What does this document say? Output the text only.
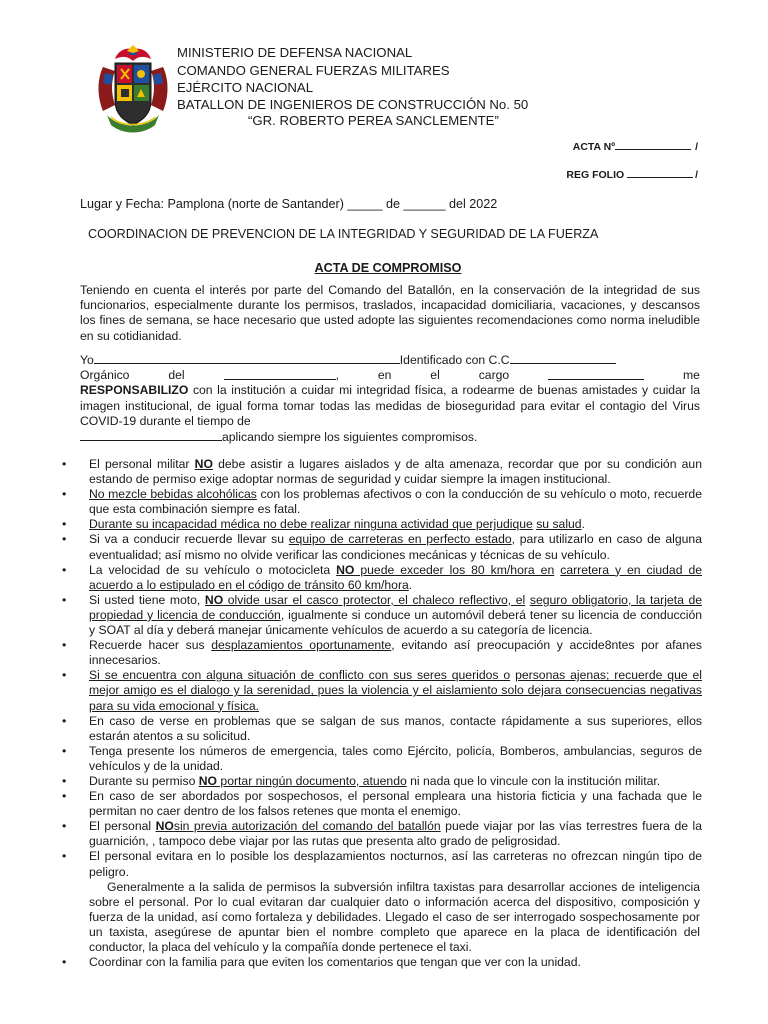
MINISTERIO DE DEFENSA NACIONAL
COMANDO GENERAL FUERZAS MILITARES
EJÉRCITO NACIONAL
BATALLON DE INGENIEROS DE CONSTRUCCIÓN No. 50
“GR. ROBERTO PEREA SANCLEMENTE”
ACTA Nº	/
REG FOLIO	/
Lugar y Fecha: Pamplona (norte de Santander) _____ de ______ del 2022
COORDINACION DE PREVENCION DE LA INTEGRIDAD Y SEGURIDAD DE LA FUERZA
ACTA DE COMPROMISO
Teniendo en cuenta el interés por parte del Comando del Batallón, en la conservación de la integridad de sus funcionarios, especialmente durante los permisos, traslados, incapacidad domiciliaria, vacaciones, y descansos los fines de semana, se hace necesario que usted adopte las siguientes recomendaciones como norma ineludible en su cotidianidad.
Yo	Identificado con C.C
Orgánico	del	,	en	el	cargo	me
RESPONSABILIZO con la institución a cuidar mi integridad física, a rodearme de buenas amistades y cuidar la imagen institucional, de igual forma tomar todas las medidas de bioseguridad para evitar el contagio del Virus COVID-19 durante el tiempo de
aplicando siempre los siguientes compromisos.
• El personal militar NO debe asistir a lugares aislados y de alta amenaza, recordar que por su condición aun estando de permiso exige adoptar normas de seguridad y cuidar siempre la imagen institucional.
• No mezcle bebidas alcohólicas con los problemas afectivos o con la conducción de su vehículo o moto, recuerde que esta combinación siempre es fatal.
• Durante su incapacidad médica no debe realizar ninguna actividad que perjudique su salud.
• Si va a conducir recuerde llevar su equipo de carreteras en perfecto estado, para utilizarlo en caso de alguna eventualidad; así mismo no olvide verificar las condiciones mecánicas y técnicas de su vehículo.
• La velocidad de su vehículo o motocicleta NO puede exceder los 80 km/hora en carretera y en ciudad de acuerdo a lo estipulado en el código de tránsito 60 km/hora.
• Si usted tiene moto, NO olvide usar el casco protector, el chaleco reflectivo, el seguro obligatorio, la tarjeta de propiedad y licencia de conducción, igualmente si conduce un automóvil deberá tener su licencia de conducción y SOAT al día y deberá manejar únicamente vehículos de acuerdo a su categoría de licencia.
• Recuerde hacer sus desplazamientos oportunamente, evitando así preocupación y accide8ntes por afanes innecesarios.
• Si se encuentra con alguna situación de conflicto con sus seres queridos o personas ajenas; recuerde que el mejor amigo es el dialogo y la serenidad, pues la violencia y el aislamiento solo dejara consecuencias negativas para su vida emocional y física.
• En caso de verse en problemas que se salgan de sus manos, contacte rápidamente a sus superiores, ellos estarán atentos a su solicitud.
• Tenga presente los números de emergencia, tales como Ejército, policía, Bomberos, ambulancias, seguros de vehículos y de la unidad.
• Durante su permiso NO portar ningún documento, atuendo ni nada que lo vincule con la institución militar.
• En caso de ser abordados por sospechosos, el personal empleara una historia ficticia y una fachada que le permitan no caer dentro de los falsos retenes que monta el enemigo.
• El personal NOsin previa autorización del comando del batallón puede viajar por las vías terrestres fuera de la guarnición, , tampoco debe viajar por las rutas que presenta alto grado de peligrosidad.
• El personal evitara en lo posible los desplazamientos nocturnos, así las carreteras no ofrezcan ningún tipo de peligro.
Generalmente a la salida de permisos la subversión infiltra taxistas para desarrollar acciones de inteligencia sobre el personal. Por lo cual evitaran dar cualquier dato o información acerca del dispositivo, composición y fuerza de la unidad, así como fortaleza y debilidades. Llegado el caso de ser interrogado sospechosamente por un taxista, asegúrese de apuntar bien el nombre completo que aparece en la placa de identificación del conductor, la placa del vehículo y la compañía donde pertenece el taxi.
• Coordinar con la familia para que eviten los comentarios que tengan que ver con la unidad.
